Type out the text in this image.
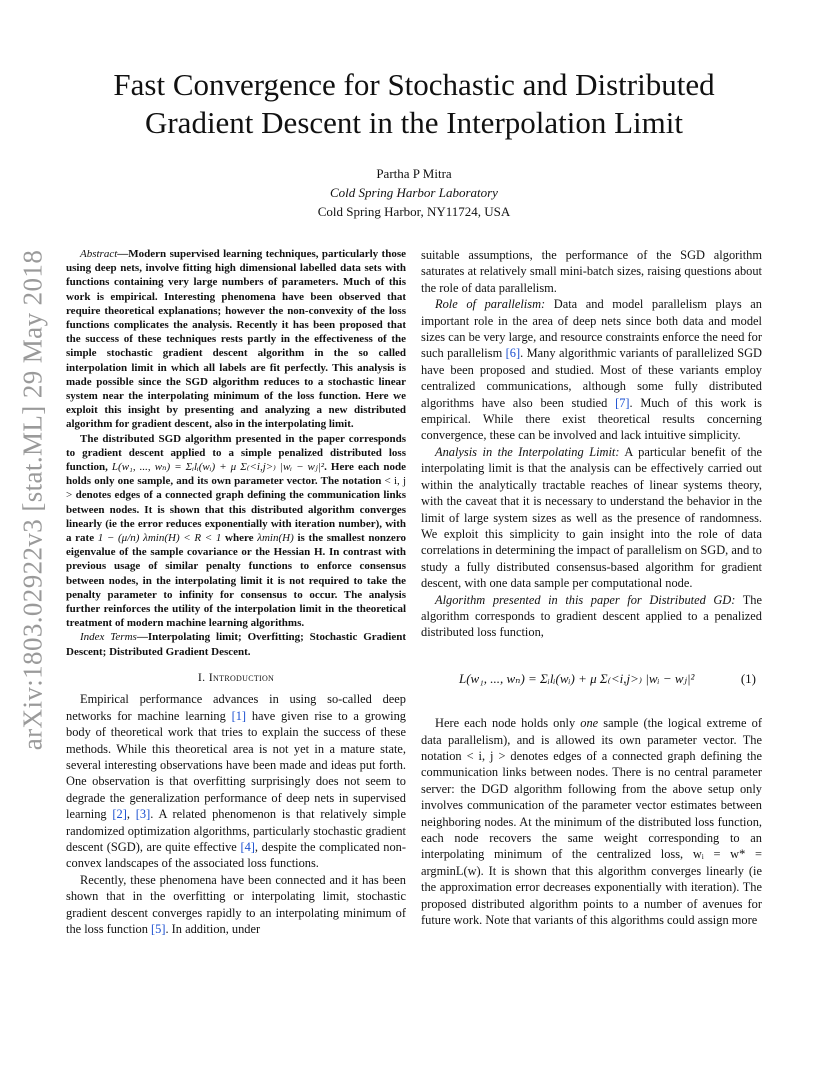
arXiv:1803.02922v3 [stat.ML] 29 May 2018
Fast Convergence for Stochastic and Distributed
Gradient Descent in the Interpolation Limit
Partha P Mitra
Cold Spring Harbor Laboratory
Cold Spring Harbor, NY11724, USA

Abstract—Modern supervised learning techniques, particularly those using deep nets, involve fitting high dimensional labelled data sets with functions containing very large numbers of parameters. Much of this work is empirical. Interesting phenomena have been observed that require theoretical explanations; however the non-convexity of the loss functions complicates the analysis. Recently it has been proposed that the success of these techniques rests partly in the effectiveness of the simple stochastic gradient descent algorithm in the so called interpolation limit in which all labels are fit perfectly. This analysis is made possible since the SGD algorithm reduces to a stochastic linear system near the interpolating minimum of the loss function. Here we exploit this insight by presenting and analyzing a new distributed algorithm for gradient descent, also in the interpolating limit.

The distributed SGD algorithm presented in the paper corresponds to gradient descent applied to a simple penalized distributed loss function, L(w₁, ..., wₙ) = Σᵢlᵢ(wᵢ) + μ Σ₍<i,j>₎ |wᵢ − wⱼ|². Here each node holds only one sample, and its own parameter vector. The notation < i, j > denotes edges of a connected graph defining the communication links between nodes. It is shown that this distributed algorithm converges linearly (ie the error reduces exponentially with iteration number), with a rate 1 − (μ/n) λmin(H) < R < 1 where λmin(H) is the smallest nonzero eigenvalue of the sample covariance or the Hessian H. In contrast with previous usage of similar penalty functions to enforce consensus between nodes, in the interpolating limit it is not required to take the penalty parameter to infinity for consensus to occur. The analysis further reinforces the utility of the interpolation limit in the theoretical treatment of modern machine learning algorithms.

Index Terms—Interpolating limit; Overfitting; Stochastic Gradient Descent; Distributed Gradient Descent.

I. Introduction

Empirical performance advances in using so-called deep networks for machine learning [1] have given rise to a growing body of theoretical work that tries to explain the success of these methods. While this theoretical area is not yet in a mature state, several interesting observations have been made and ideas put forth. One observation is that overfitting surprisingly does not seem to degrade the generalization performance of deep nets in supervised learning [2], [3]. A related phenomenon is that relatively simple randomized optimization algorithms, particularly stochastic gradient descent (SGD), are quite effective [4], despite the complicated non-convex landscapes of the associated loss functions.

Recently, these phenomena have been connected and it has been shown that in the overfitting or interpolating limit, stochastic gradient descent converges rapidly to an interpolating minimum of the loss function [5]. In addition, under

suitable assumptions, the performance of the SGD algorithm saturates at relatively small mini-batch sizes, raising questions about the role of data parallelism.

Role of parallelism: Data and model parallelism plays an important role in the area of deep nets since both data and model sizes can be very large, and resource constraints enforce the need for such parallelism [6]. Many algorithmic variants of parallelized SGD have been proposed and studied. Most of these variants employ centralized communications, although some fully distributed algorithms have also been studied [7]. Much of this work is empirical. While there exist theoretical results concerning convergence, these can be involved and lack intuitive simplicity.

Analysis in the Interpolating Limit: A particular benefit of the interpolating limit is that the analysis can be effectively carried out within the analytically tractable reaches of linear systems theory, with the caveat that it is necessary to understand the behavior in the limit of large system sizes as well as the presence of randomness. We exploit this simplicity to gain insight into the role of data correlations in determining the impact of parallelism on SGD, and to study a fully distributed consensus-based algorithm for gradient descent, with one data sample per computational node.

Algorithm presented in this paper for Distributed GD: The algorithm corresponds to gradient descent applied to a penalized distributed loss function,

L(w₁, ..., wₙ) = Σᵢlᵢ(wᵢ) + μ Σ₍<i,j>₎ |wᵢ − wⱼ|²	(1)

Here each node holds only one sample (the logical extreme of data parallelism), and is allowed its own parameter vector. The notation < i, j > denotes edges of a connected graph defining the communication links between nodes. There is no central parameter server: the DGD algorithm following from the above setup only involves communication of the parameter vector estimates between neighboring nodes. At the minimum of the distributed loss function, each node recovers the same weight corresponding to an interpolating minimum of the centralized loss, wᵢ = w* = argminL(w). It is shown that this algorithm converges linearly (ie the approximation error decreases exponentially with iteration). The proposed distributed algorithm points to a number of avenues for future work. Note that variants of this algorithms could assign more
